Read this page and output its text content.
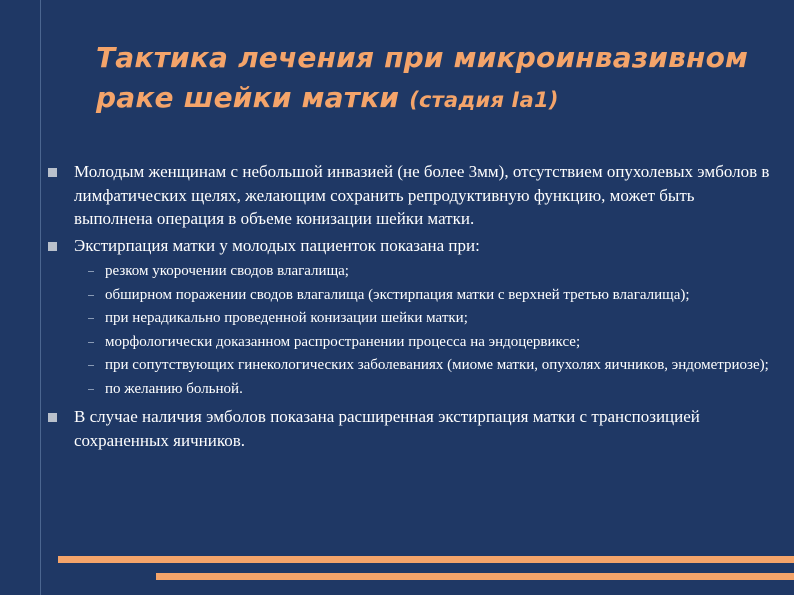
Тактика лечения при микроинвазивном
раке шейки матки (стадия Ia1)
Молодым женщинам с небольшой инвазией (не более 3мм), отсутствием опухолевых эмболов в лимфатических щелях, желающим сохранить репродуктивную функцию, может быть выполнена операция в объеме конизации шейки матки.
Экстирпация матки у молодых пациенток показана при:
резком укорочении сводов влагалища;
обширном поражении сводов влагалища (экстирпация матки с верхней третью влагалища);
при нерадикально проведенной конизации шейки матки;
морфологически доказанном распространении процесса на эндоцервиксе;
при сопутствующих гинекологических заболеваниях (миоме матки, опухолях яичников, эндометриозе);
по желанию больной.
В случае наличия эмболов показана расширенная экстирпация матки с транспозицией сохраненных яичников.
